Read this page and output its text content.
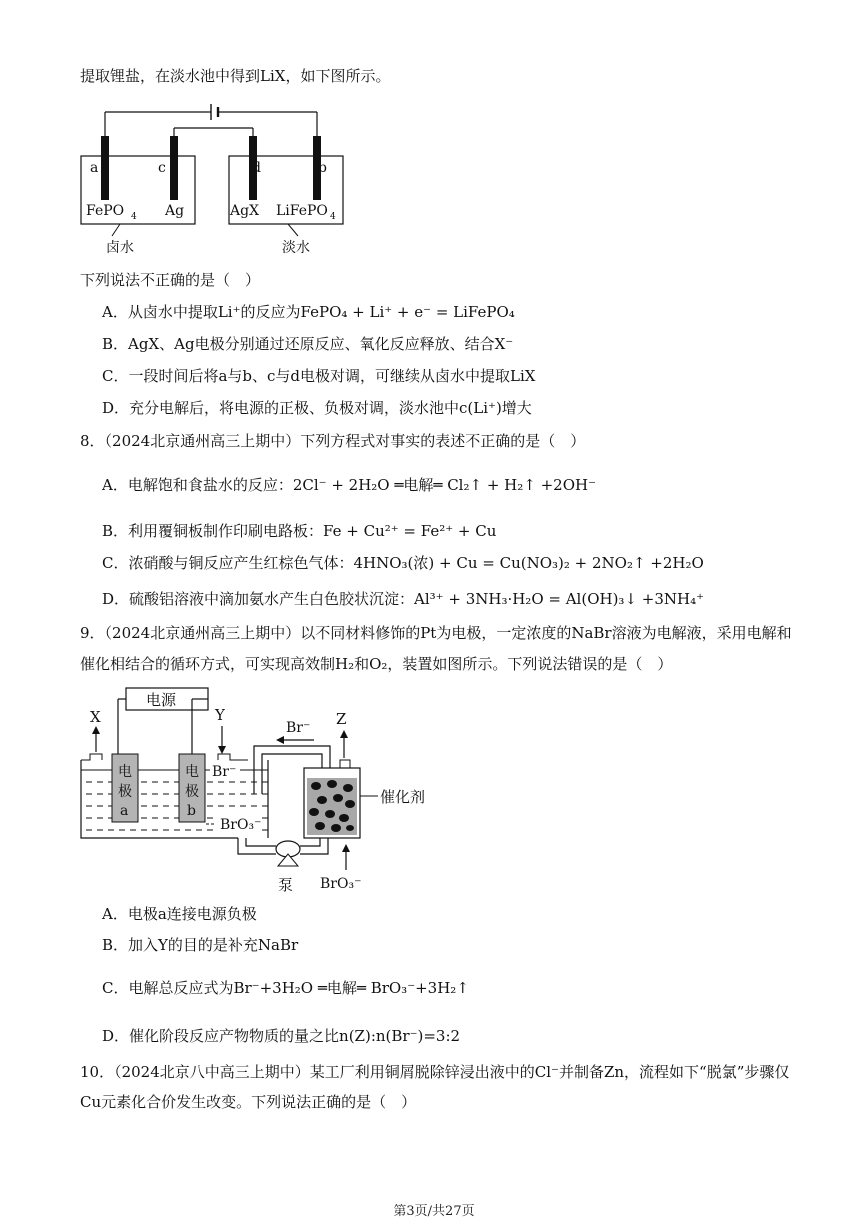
提取锂盐，在淡水池中得到LiX，如下图所示。
a	c	d	b
FePO 4 Ag	AgX LiFePO 4
卤水	淡水
下列说法不正确的是（　）
A．从卤水中提取Li⁺的反应为FePO₄ + Li⁺ + e⁻ = LiFePO₄
B．AgX、Ag电极分别通过还原反应、氧化反应释放、结合X⁻
C．一段时间后将a与b、c与d电极对调，可继续从卤水中提取LiX
D．充分电解后，将电源的正极、负极对调，淡水池中c(Li⁺)增大
8．（2024北京通州高三上期中）下列方程式对事实的表述不正确的是（　）
A．电解饱和食盐水的反应：2Cl⁻ + 2H₂O ═电解═ Cl₂↑ + H₂↑ +2OH⁻
B．利用覆铜板制作印刷电路板：Fe + Cu²⁺ = Fe²⁺ + Cu
C．浓硝酸与铜反应产生红棕色气体：4HNO₃(浓) + Cu = Cu(NO₃)₂ + 2NO₂↑ +2H₂O
D．硫酸铝溶液中滴加氨水产生白色胶状沉淀：Al³⁺ + 3NH₃·H₂O = Al(OH)₃↓ +3NH₄⁺
9．（2024北京通州高三上期中）以不同材料修饰的Pt为电极，一定浓度的NaBr溶液为电解液，采用电解和
催化相结合的循环方式，可实现高效制H₂和O₂，装置如图所示。下列说法错误的是（　）
电源
X	Y
电
极
a
电
极
b
Br⁻
BrO₃⁻
Br⁻ Z
催化剂
泵 BrO₃⁻
A．电极a连接电源负极
B．加入Y的目的是补充NaBr
C．电解总反应式为Br⁻+3H₂O ═电解═ BrO₃⁻+3H₂↑
D．催化阶段反应产物物质的量之比n(Z):n(Br⁻)=3:2
10．（2024北京八中高三上期中）某工厂利用铜屑脱除锌浸出液中的Cl⁻并制备Zn，流程如下“脱氯”步骤仅
Cu元素化合价发生改变。下列说法正确的是（　）
第3页/共27页
